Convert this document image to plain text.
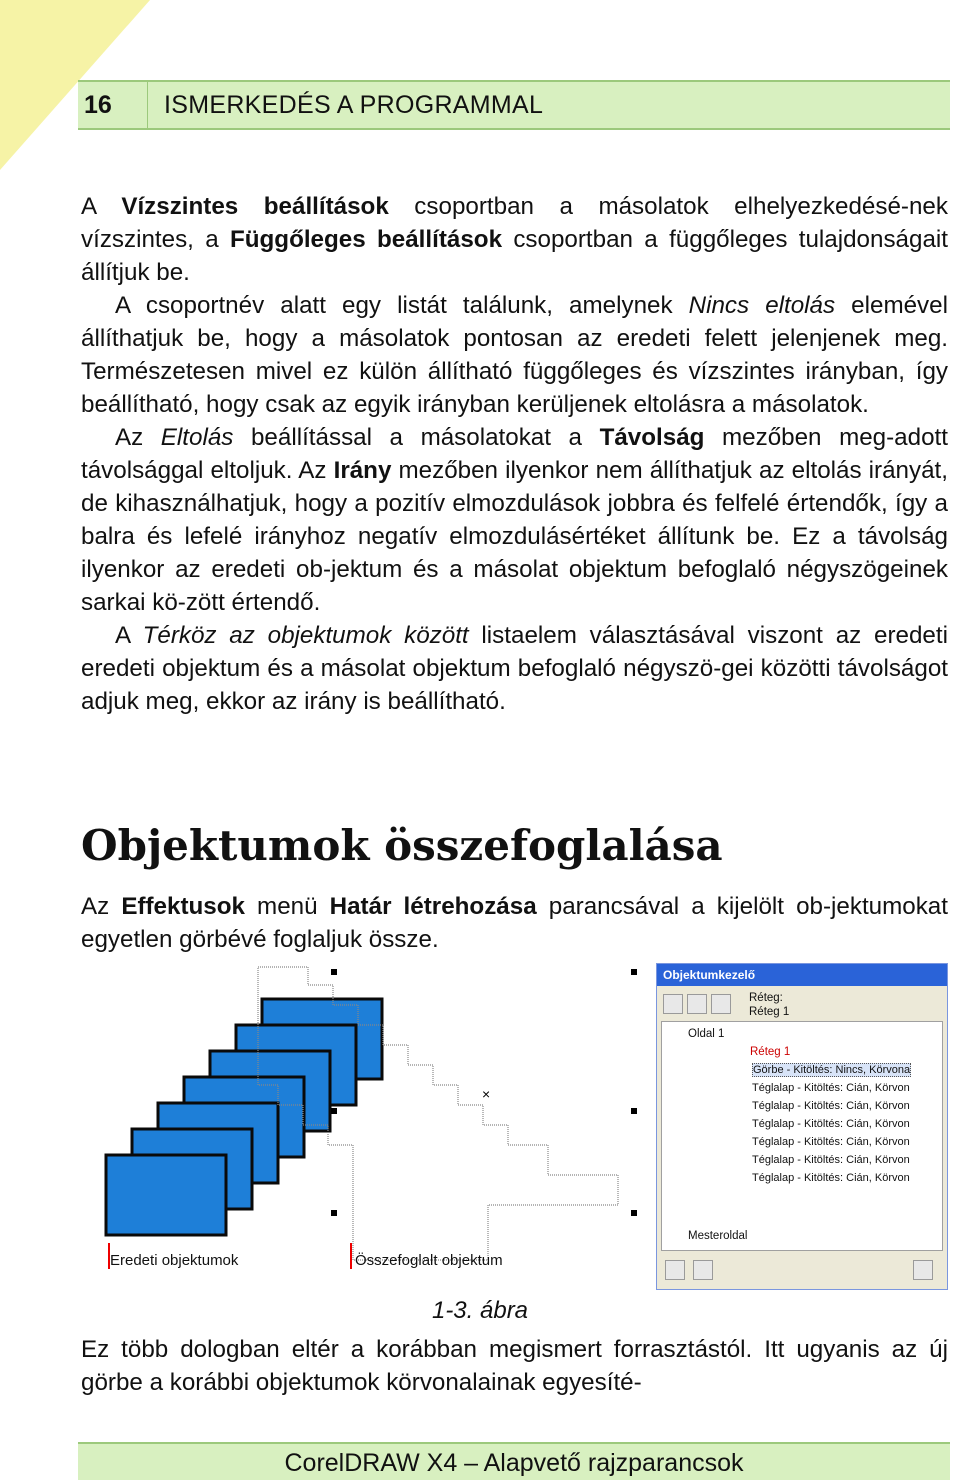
16	ISMERKEDÉS A PROGRAMMAL

A Vízszintes beállítások csoportban a másolatok elhelyezkedésé-nek vízszintes, a Függőleges beállítások csoportban a függőleges tulajdonságait állítjuk be.

A csoportnév alatt egy listát találunk, amelynek Nincs eltolás elemével állíthatjuk be, hogy a másolatok pontosan az eredeti felett jelenjenek meg. Természetesen mivel ez külön állítható függőleges és vízszintes irányban, így beállítható, hogy csak az egyik irányban kerüljenek eltolásra a másolatok.

Az Eltolás beállítással a másolatokat a Távolság mezőben meg-adott távolsággal eltoljuk. Az Irány mezőben ilyenkor nem állíthatjuk az eltolás irányát, de kihasználhatjuk, hogy a pozitív elmozdulások jobbra és felfelé értendők, így a balra és lefelé irányhoz negatív elmozdulásértéket állítunk be. Ez a távolság ilyenkor az eredeti ob-jektum és a másolat objektum befoglaló négyszögeinek sarkai kö-zött értendő.

A Térköz az objektumok között listaelem választásával viszont az eredeti eredeti objektum és a másolat objektum befoglaló négyszö-gei közötti távolságot adjuk meg, ekkor az irány is beállítható.

Objektumok összefoglalása

Az Effektusok menü Határ létrehozása parancsával a kijelölt ob-jektumokat egyetlen görbévé foglaljuk össze.

×
Eredeti objektumok	Összefoglalt objektum
Objektumkezelő
Réteg:
Réteg 1
Oldal 1
Réteg 1
Görbe - Kitöltés: Nincs, Körvona
Téglalap - Kitöltés: Cián, Körvon
Téglalap - Kitöltés: Cián, Körvon
Téglalap - Kitöltés: Cián, Körvon
Téglalap - Kitöltés: Cián, Körvon
Téglalap - Kitöltés: Cián, Körvon
Téglalap - Kitöltés: Cián, Körvon
Mesteroldal
1-3. ábra

Ez több dologban eltér a korábban megismert forrasztástól. Itt ugyanis az új görbe a korábbi objektumok körvonalainak egyesíté-

CorelDRAW X4 – Alapvető rajzparancsok
